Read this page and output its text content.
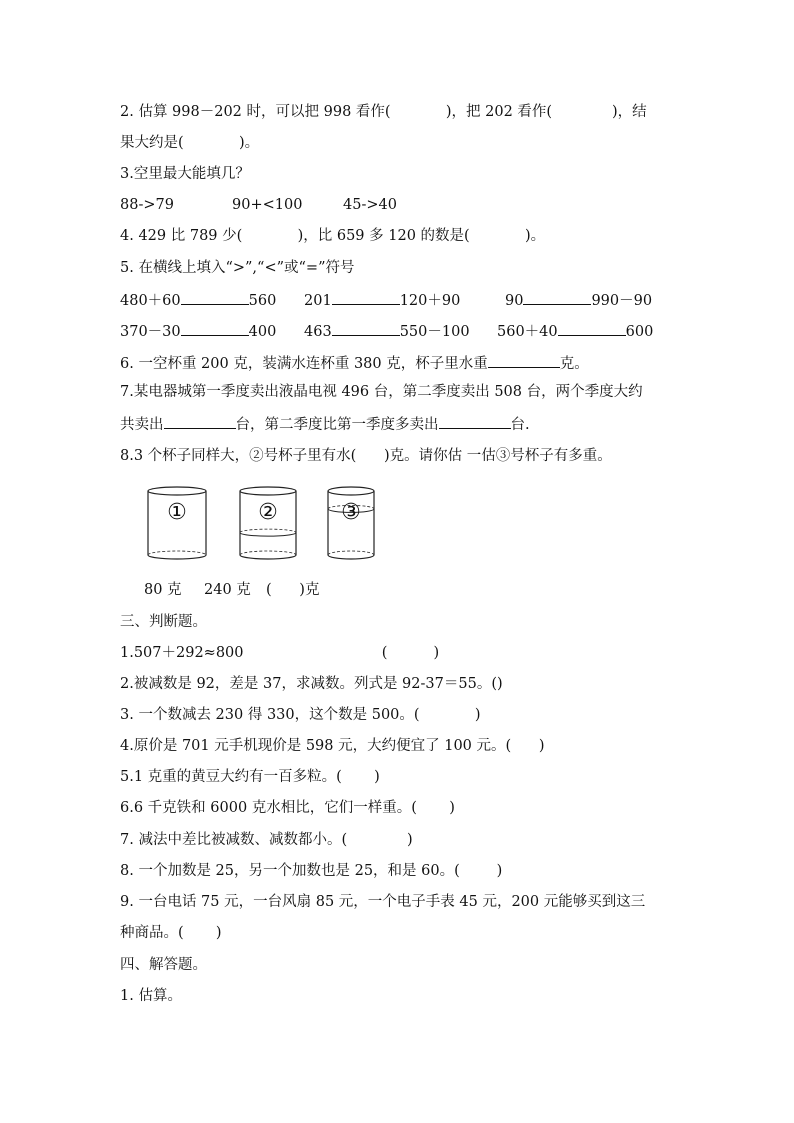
2. 估算 998－202 时，可以把 998 看作(            )，把 202 看作(             )，结
果大约是(            )。
3.空里最大能填几？
88->79	90+<100	45->40
4. 429 比 789 少(            )，比 659 多 120 的数是(            )。
5. 在横线上填入“>”,“<”或“=”符号
480＋60	560 201	120＋90	90	990－90
370－30	400 463	550－100 560＋40	600
6. 一空杯重 200 克，装满水连杯重 380 克，杯子里水重	克。
7.某电器城第一季度卖出液晶电视 496 台，第二季度卖出 508 台，两个季度大约
共卖出	台，第二季度比第一季度多卖出	台.
8.3 个杯子同样大，②号杯子里有水(      )克。请你估 一估③号杯子有多重。
①	②	③
80 克 240 克 (      )克
三、判断题。
1.507＋292≈800                              (          )
2.被减数是 92，差是 37，求减数。列式是 92-37＝55。()
3. 一个数减去 230 得 330，这个数是 500。(            )
4.原价是 701 元手机现价是 598 元，大约便宜了 100 元。(      )
5.1 克重的黄豆大约有一百多粒。(       )
6.6 千克铁和 6000 克水相比，它们一样重。(       )
7. 减法中差比被减数、减数都小。(             )
8. 一个加数是 25，另一个加数也是 25，和是 60。(        )
9. 一台电话 75 元，一台风扇 85 元，一个电子手表 45 元，200 元能够买到这三
种商品。(       )
四、解答题。
1. 估算。
